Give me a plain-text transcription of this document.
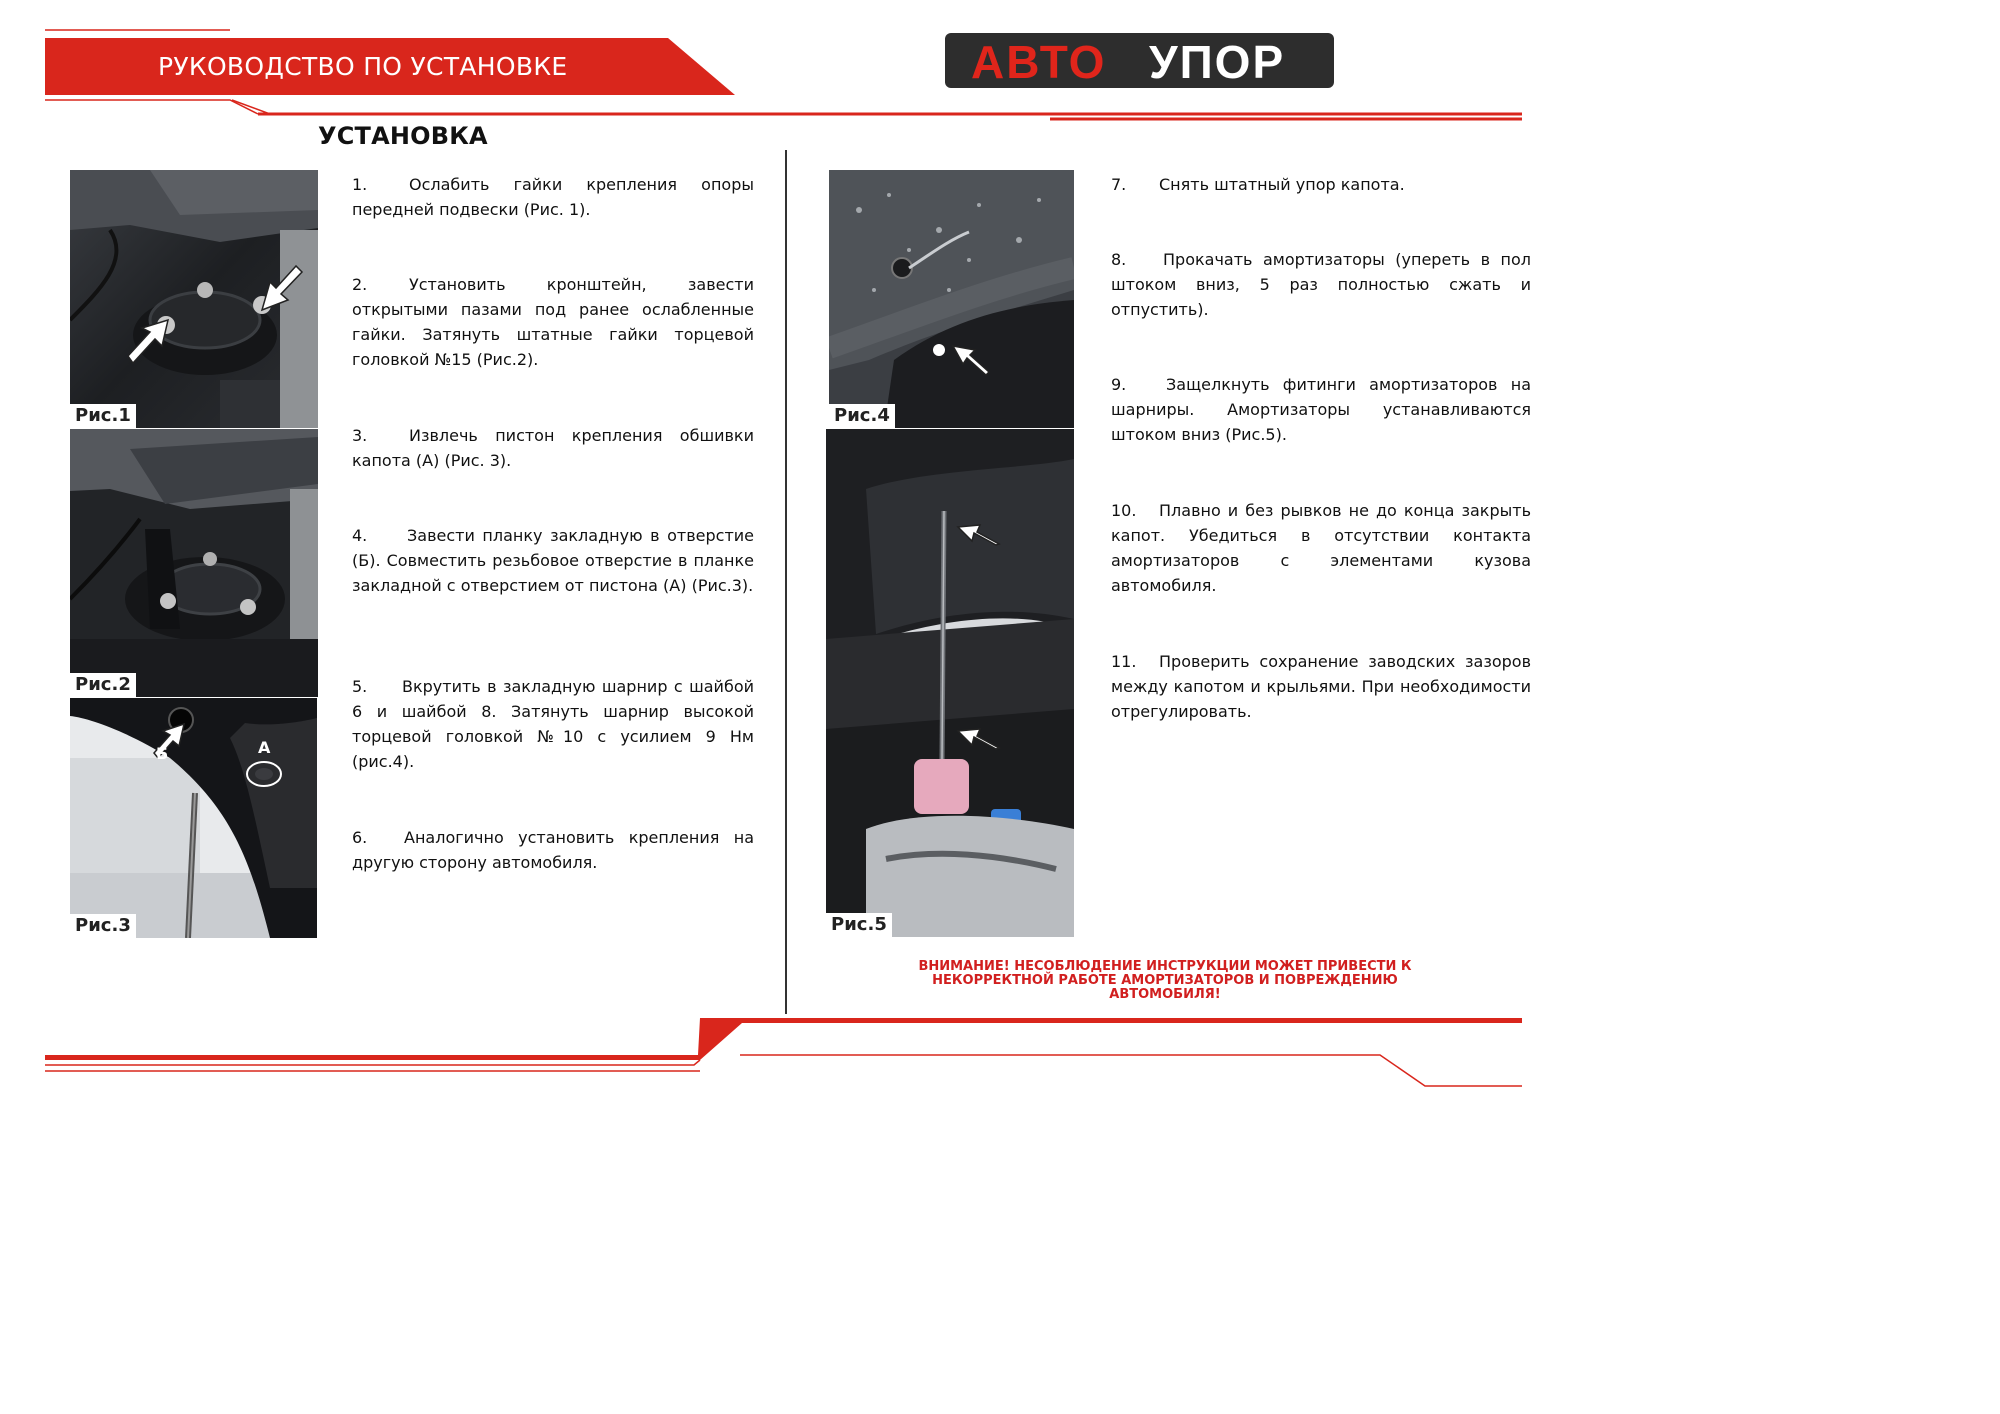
РУКОВОДСТВО ПО УСТАНОВКЕ	АВТО УПОР
УСТАНОВКА
Рис.1
Рис.2
Б	А
Рис.3
1.	Ослабить гайки крепления опоры передней подвески (Рис. 1).
2.	Установить кронштейн, завести открытыми пазами под ранее ослабленные гайки. Затянуть штатные гайки торцевой головкой №15 (Рис.2).
3.	Извлечь пистон крепления обшивки капота (А) (Рис. 3).
4. Завести планку закладную в отверстие (Б). Совместить резьбовое отверстие в планке закладной с отверстием от пистона (А) (Рис.3).
5. Вкрутить в закладную шарнир с шайбой 6 и шайбой 8. Затянуть шарнир высокой торцевой головкой №10 с усилием 9 Нм (рис.4).
6. Аналогично установить крепления на другую сторону автомобиля.
Рис.4
Рис.5
7. Снять штатный упор капота.
8. Прокачать амортизаторы (упереть в пол штоком вниз, 5 раз полностью сжать и отпустить).
9. Защелкнуть фитинги амортизаторов на шарниры. Амортизаторы устанавливаются штоком вниз (Рис.5).
10. Плавно и без рывков не до конца закрыть капот. Убедиться в отсутствии контакта амортизаторов с элементами кузова автомобиля.
11. Проверить сохранение заводских зазоров между капотом и крыльями. При необходимости отрегулировать.
ВНИМАНИЕ! НЕСОБЛЮДЕНИЕ ИНСТРУКЦИИ МОЖЕТ ПРИВЕСТИ К НЕКОРРЕКТНОЙ РАБОТЕ АМОРТИЗАТОРОВ И ПОВРЕЖДЕНИЮ АВТОМОБИЛЯ!
